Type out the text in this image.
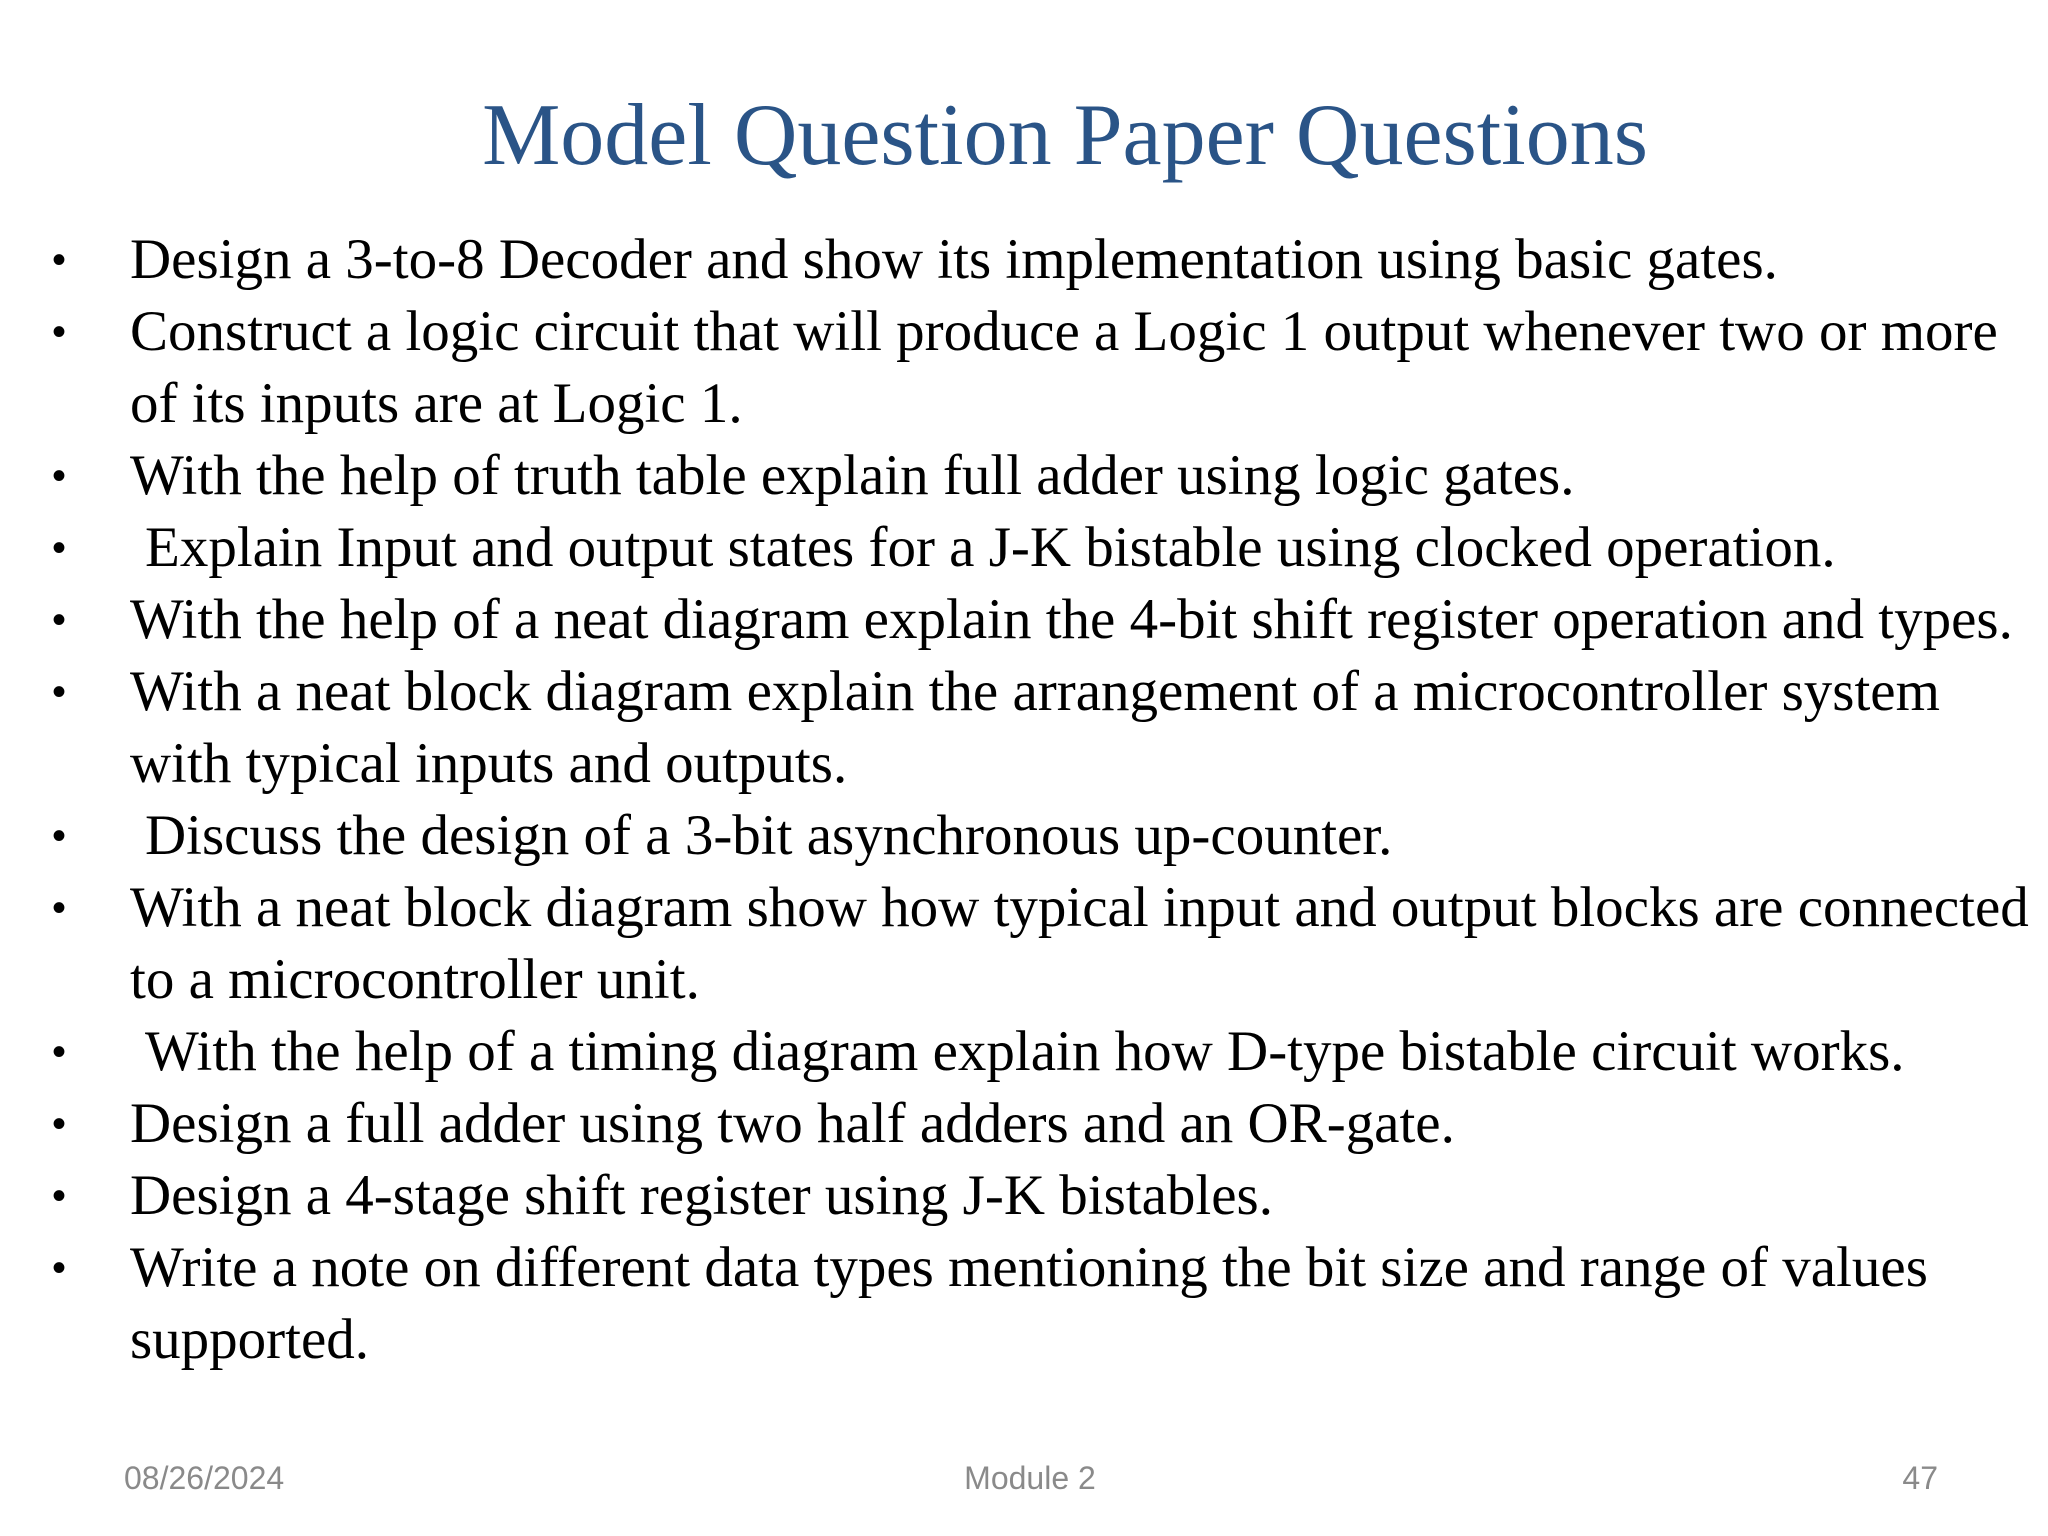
Model Question Paper Questions
• Design a 3-to-8 Decoder and show its implementation using basic gates.
• Construct a logic circuit that will produce a Logic 1 output whenever two or more of its inputs are at Logic 1.
• With the help of truth table explain full adder using logic gates.
• Explain Input and output states for a J-K bistable using clocked operation.
• With the help of a neat diagram explain the 4-bit shift register operation and types.
• With a neat block diagram explain the arrangement of a microcontroller system with typical inputs and outputs.
• Discuss the design of a 3-bit asynchronous up-counter.
• With a neat block diagram show how typical input and output blocks are connected to a microcontroller unit.
• With the help of a timing diagram explain how D-type bistable circuit works.
• Design a full adder using two half adders and an OR-gate.
• Design a 4-stage shift register using J-K bistables.
• Write a note on different data types mentioning the bit size and range of values supported.
08/26/2024	Module 2	47
